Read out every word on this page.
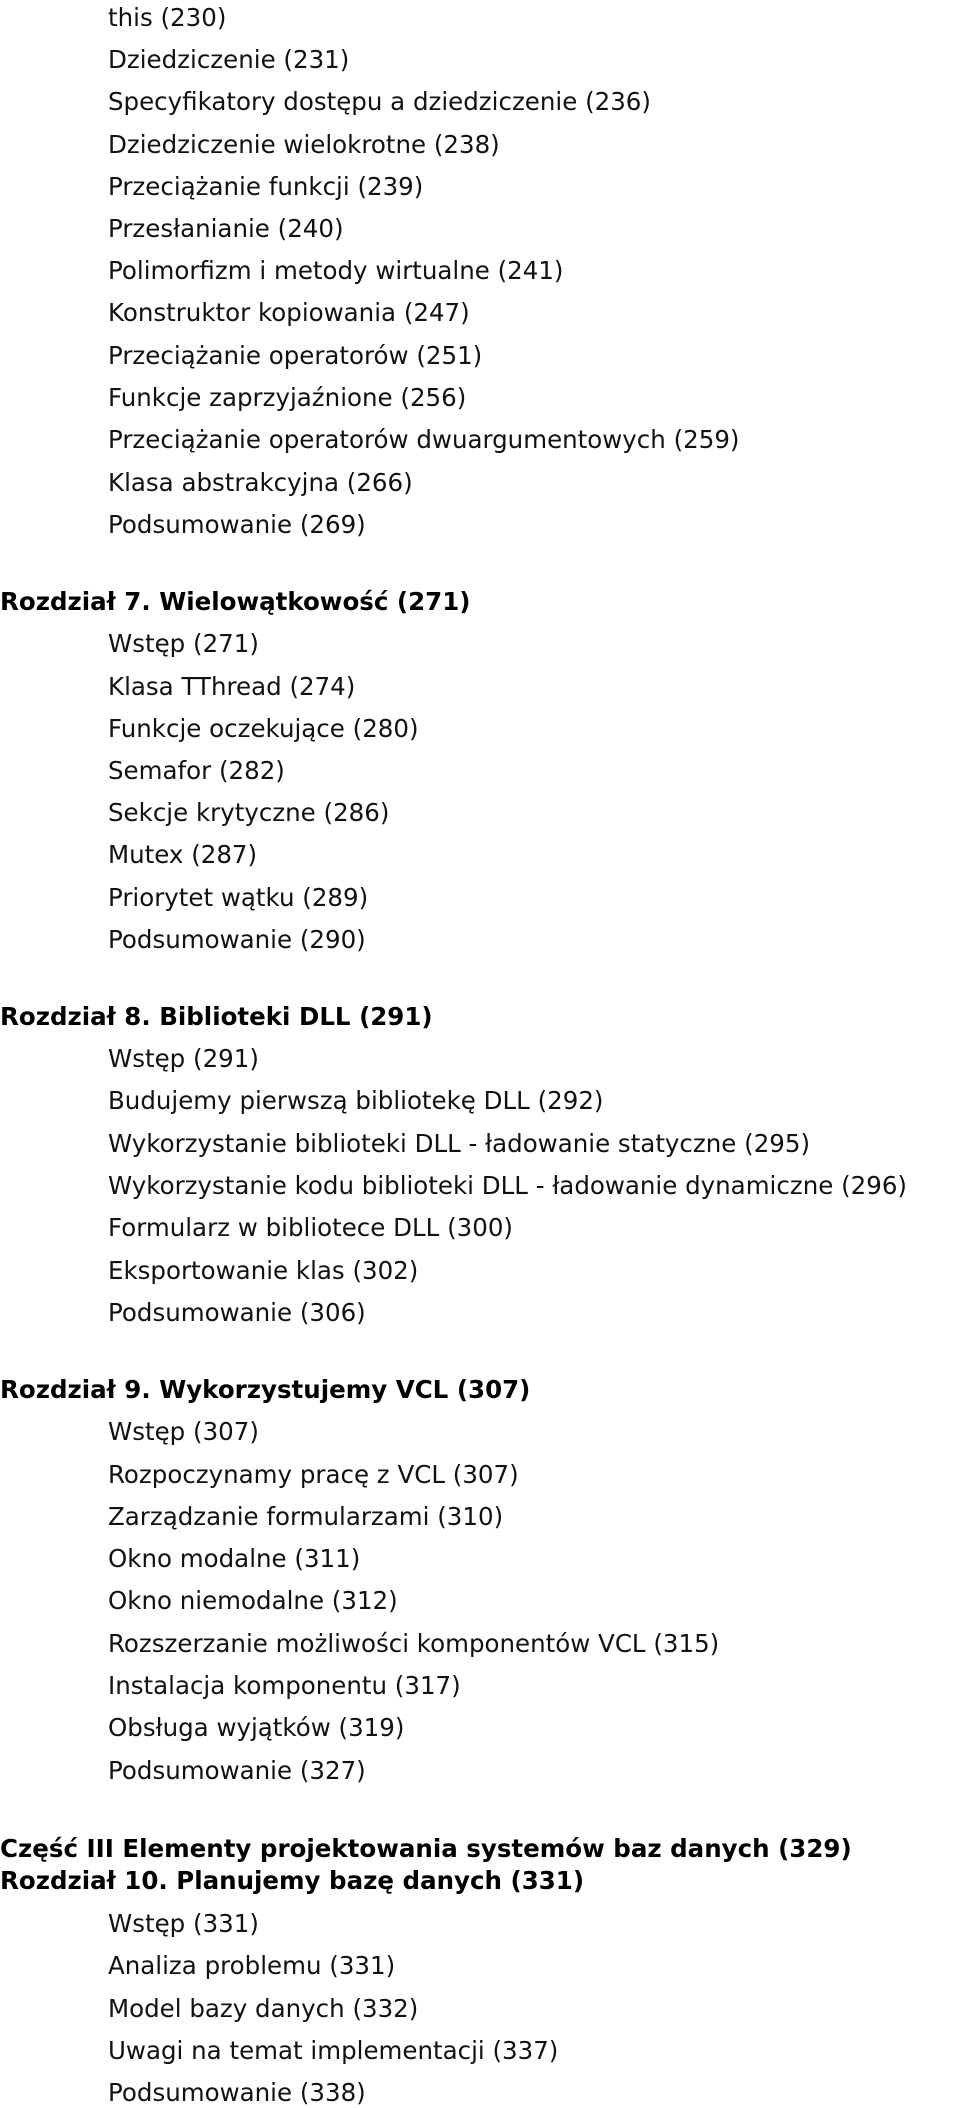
this (230)
Dziedziczenie (231)
Specyfikatory dostępu a dziedziczenie (236)
Dziedziczenie wielokrotne (238)
Przeciążanie funkcji (239)
Przesłanianie (240)
Polimorfizm i metody wirtualne (241)
Konstruktor kopiowania (247)
Przeciążanie operatorów (251)
Funkcje zaprzyjaźnione (256)
Przeciążanie operatorów dwuargumentowych (259)
Klasa abstrakcyjna (266)
Podsumowanie (269)
Rozdział 7. Wielowątkowość (271)
Wstęp (271)
Klasa TThread (274)
Funkcje oczekujące (280)
Semafor (282)
Sekcje krytyczne (286)
Mutex (287)
Priorytet wątku (289)
Podsumowanie (290)
Rozdział 8. Biblioteki DLL (291)
Wstęp (291)
Budujemy pierwszą bibliotekę DLL (292)
Wykorzystanie biblioteki DLL - ładowanie statyczne (295)
Wykorzystanie kodu biblioteki DLL - ładowanie dynamiczne (296)
Formularz w bibliotece DLL (300)
Eksportowanie klas (302)
Podsumowanie (306)
Rozdział 9. Wykorzystujemy VCL (307)
Wstęp (307)
Rozpoczynamy pracę z VCL (307)
Zarządzanie formularzami (310)
Okno modalne (311)
Okno niemodalne (312)
Rozszerzanie możliwości komponentów VCL (315)
Instalacja komponentu (317)
Obsługa wyjątków (319)
Podsumowanie (327)
Część III Elementy projektowania systemów baz danych (329)
Rozdział 10. Planujemy bazę danych (331)
Wstęp (331)
Analiza problemu (331)
Model bazy danych (332)
Uwagi na temat implementacji (337)
Podsumowanie (338)
